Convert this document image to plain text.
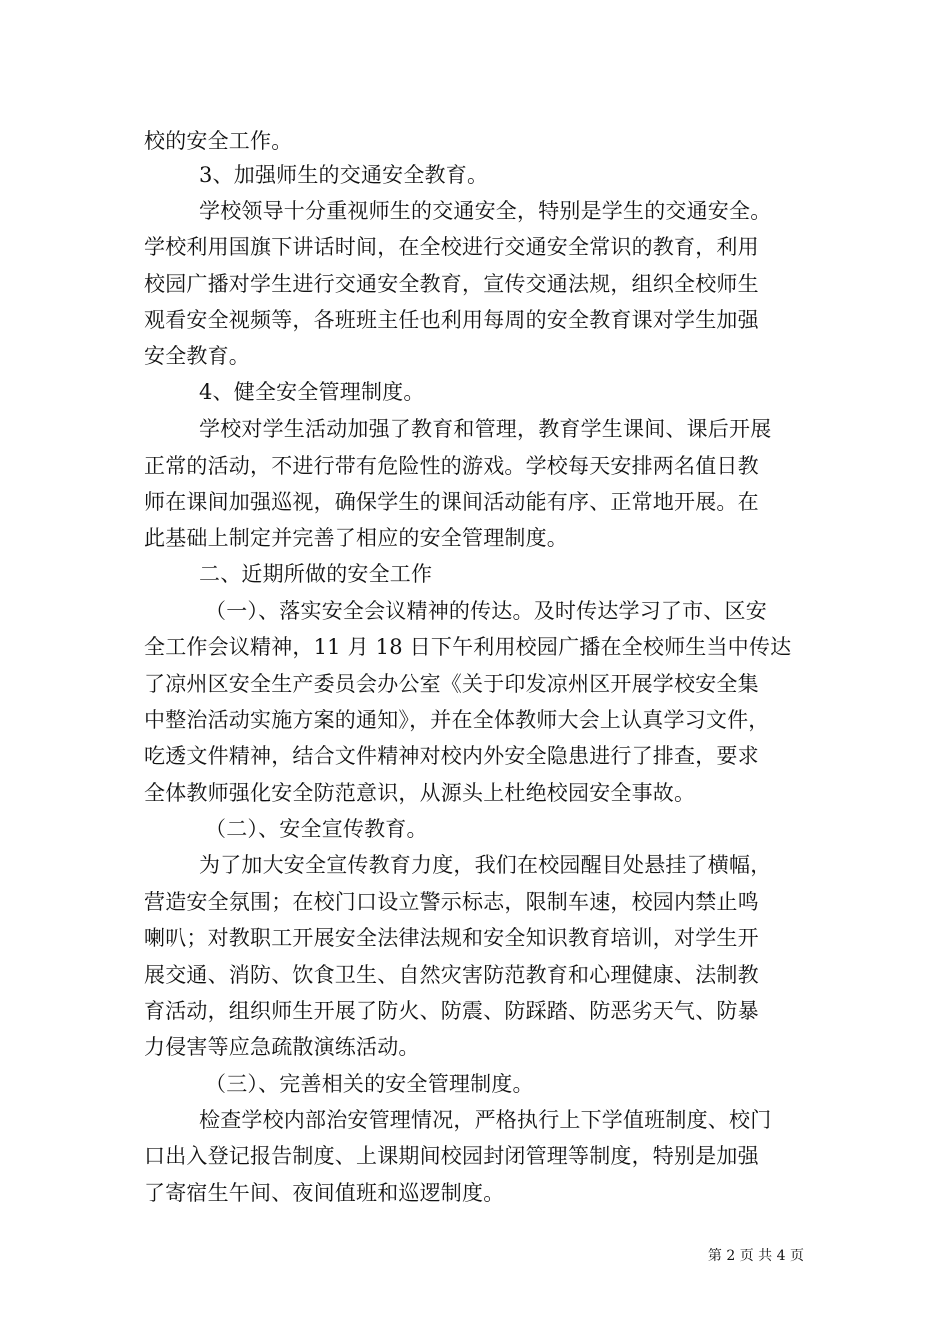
校的安全工作。
3、加强师生的交通安全教育。
学校领导十分重视师生的交通安全，特别是学生的交通安全。
学校利用国旗下讲话时间，在全校进行交通安全常识的教育，利用
校园广播对学生进行交通安全教育，宣传交通法规，组织全校师生
观看安全视频等，各班班主任也利用每周的安全教育课对学生加强
安全教育。
4、健全安全管理制度。
学校对学生活动加强了教育和管理，教育学生课间、课后开展
正常的活动，不进行带有危险性的游戏。学校每天安排两名值日教
师在课间加强巡视，确保学生的课间活动能有序、正常地开展。在
此基础上制定并完善了相应的安全管理制度。
二、近期所做的安全工作
（一）、落实安全会议精神的传达。及时传达学习了市、区安
全工作会议精神，11 月 18 日下午利用校园广播在全校师生当中传达
了凉州区安全生产委员会办公室《关于印发凉州区开展学校安全集
中整治活动实施方案的通知》，并在全体教师大会上认真学习文件，
吃透文件精神，结合文件精神对校内外安全隐患进行了排查，要求
全体教师强化安全防范意识，从源头上杜绝校园安全事故。
（二）、安全宣传教育。
为了加大安全宣传教育力度，我们在校园醒目处悬挂了横幅，
营造安全氛围；在校门口设立警示标志，限制车速，校园内禁止鸣
喇叭；对教职工开展安全法律法规和安全知识教育培训，对学生开
展交通、消防、饮食卫生、自然灾害防范教育和心理健康、法制教
育活动，组织师生开展了防火、防震、防踩踏、防恶劣天气、防暴
力侵害等应急疏散演练活动。
（三）、完善相关的安全管理制度。
检查学校内部治安管理情况，严格执行上下学值班制度、校门
口出入登记报告制度、上课期间校园封闭管理等制度，特别是加强
了寄宿生午间、夜间值班和巡逻制度。
第 2 页 共 4 页
